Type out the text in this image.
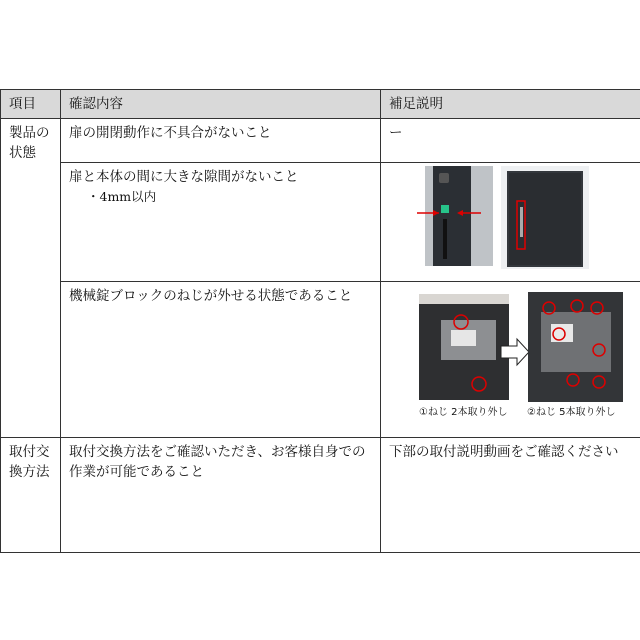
項目	確認内容	補足説明
製品の状態	扉の開閉動作に不具合がないこと	ー

	扉と本体の間に大きな隙間がないこと
・4mm以内

	機械錠ブロックのねじが外せる状態であること	①ねじ 2本取り外し ②ねじ 5本取り外し

取付交換方法	取付交換方法をご確認いただき、お客様自身での作業が可能であること	下部の取付説明動画をご確認ください
